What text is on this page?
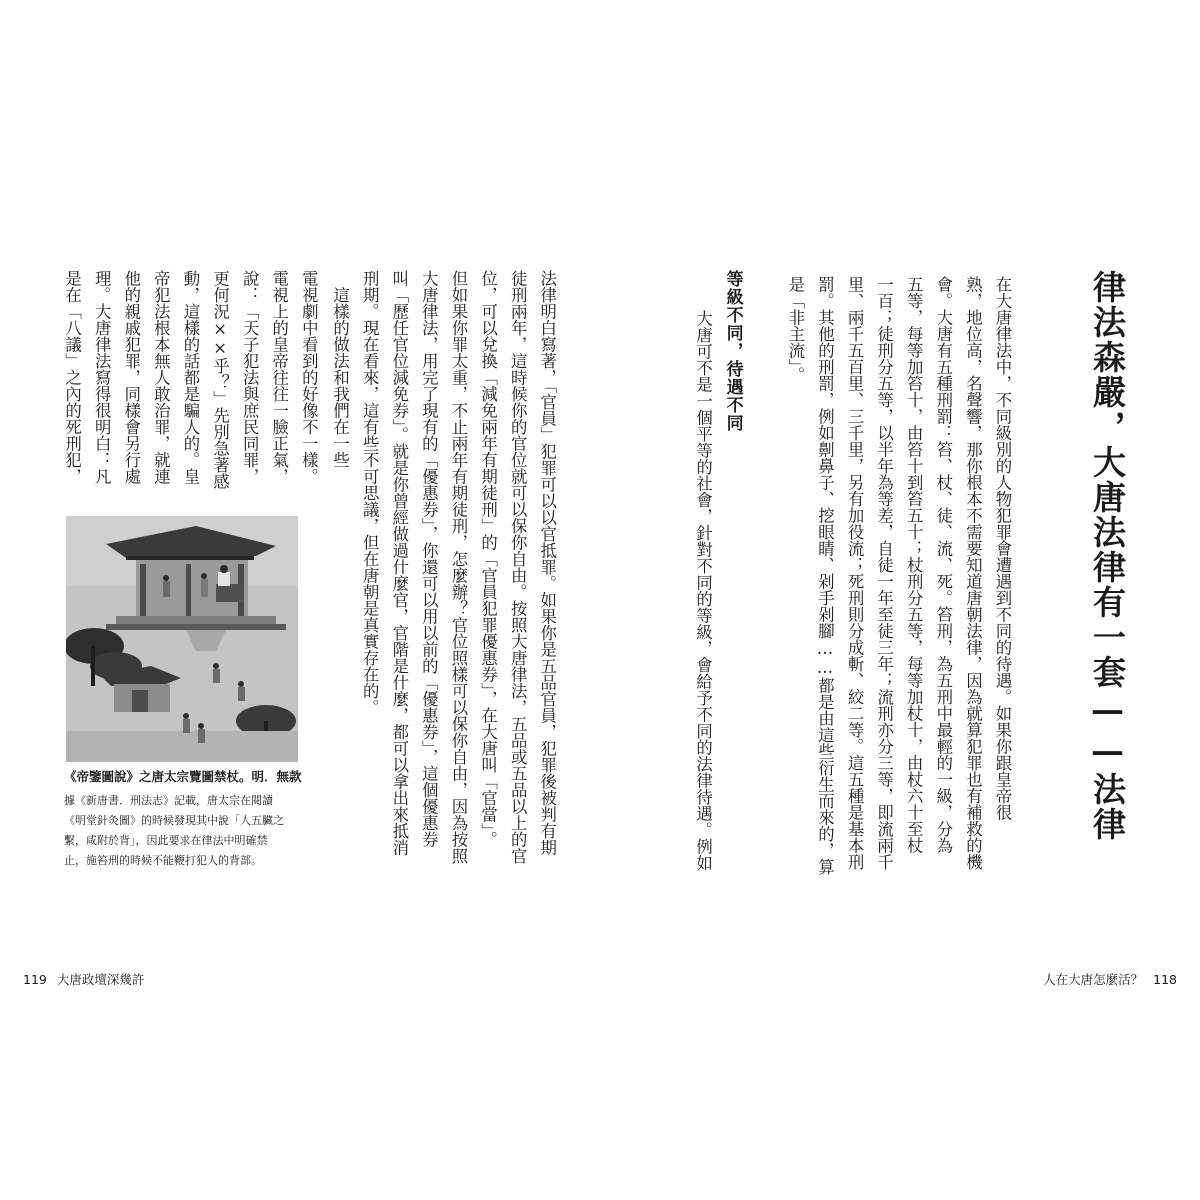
律法森嚴，大唐法律有一套——法律

在大唐律法中，不同級別的人物犯罪會遭遇到不同的待遇。如果你跟皇帝很

熟，地位高，名聲響，那你根本不需要知道唐朝法律，因為就算犯罪也有補救的機

會。大唐有五種刑罰：笞、杖、徒、流、死。笞刑，為五刑中最輕的一級，分為

五等，每等加笞十，由笞十到笞五十；杖刑分五等，每等加杖十，由杖六十至杖

一百；徒刑分五等，以半年為等差，自徒一年至徒三年；流刑亦分三等，即流兩千

里、兩千五百里、三千里，另有加役流；死刑則分成斬、絞二等。這五種是基本刑

罰。其他的刑罰，例如劓鼻子、挖眼睛、剁手剁腳……都是由這些衍生而來的，算

是「非主流」。

等級不同，待遇不同

大唐可不是一個平等的社會，針對不同的等級，會給予不同的法律待遇。例如

人在大唐怎麼活？ 118

法律明白寫著，「官員」犯罪可以以官抵罪。如果你是五品官員，犯罪後被判有期

徒刑兩年，這時候你的官位就可以保你自由。按照大唐律法，五品或五品以上的官

位，可以兌換「減免兩年有期徒刑」的「官員犯罪優惠券」，在大唐叫「官當」。

但如果你罪太重，不止兩年有期徒刑，怎麼辦？官位照樣可以保你自由，因為按照

大唐律法，用完了現有的「優惠券」，你還可以用以前的「優惠券」，這個優惠券

叫「歷任官位減免券」。就是你曾經做過什麼官，官階是什麼，都可以拿出來抵消

刑期。現在看來，這有些不可思議，但在唐朝是真實存在的。

　這樣的做法和我們在一些

電視劇中看到的好像不一樣。

電視上的皇帝往往一臉正氣，

說：「天子犯法與庶民同罪，

更何況××乎？」先別急著感

動，這樣的話都是騙人的。皇

帝犯法根本無人敢治罪，就連

他的親戚犯罪，同樣會另行處

理。大唐律法寫得很明白：凡

是在「八議」之內的死刑犯，

《帝鑒圖說》之唐太宗覽圖禁杖。明．無款

據《新唐書．刑法志》記載，唐太宗在閱讀

《明堂針灸圖》的時候發現其中說「人五臟之

繫，咸附於背」，因此要求在律法中明確禁

止，施笞刑的時候不能鞭打犯人的背部。

119 大唐政壇深幾許
